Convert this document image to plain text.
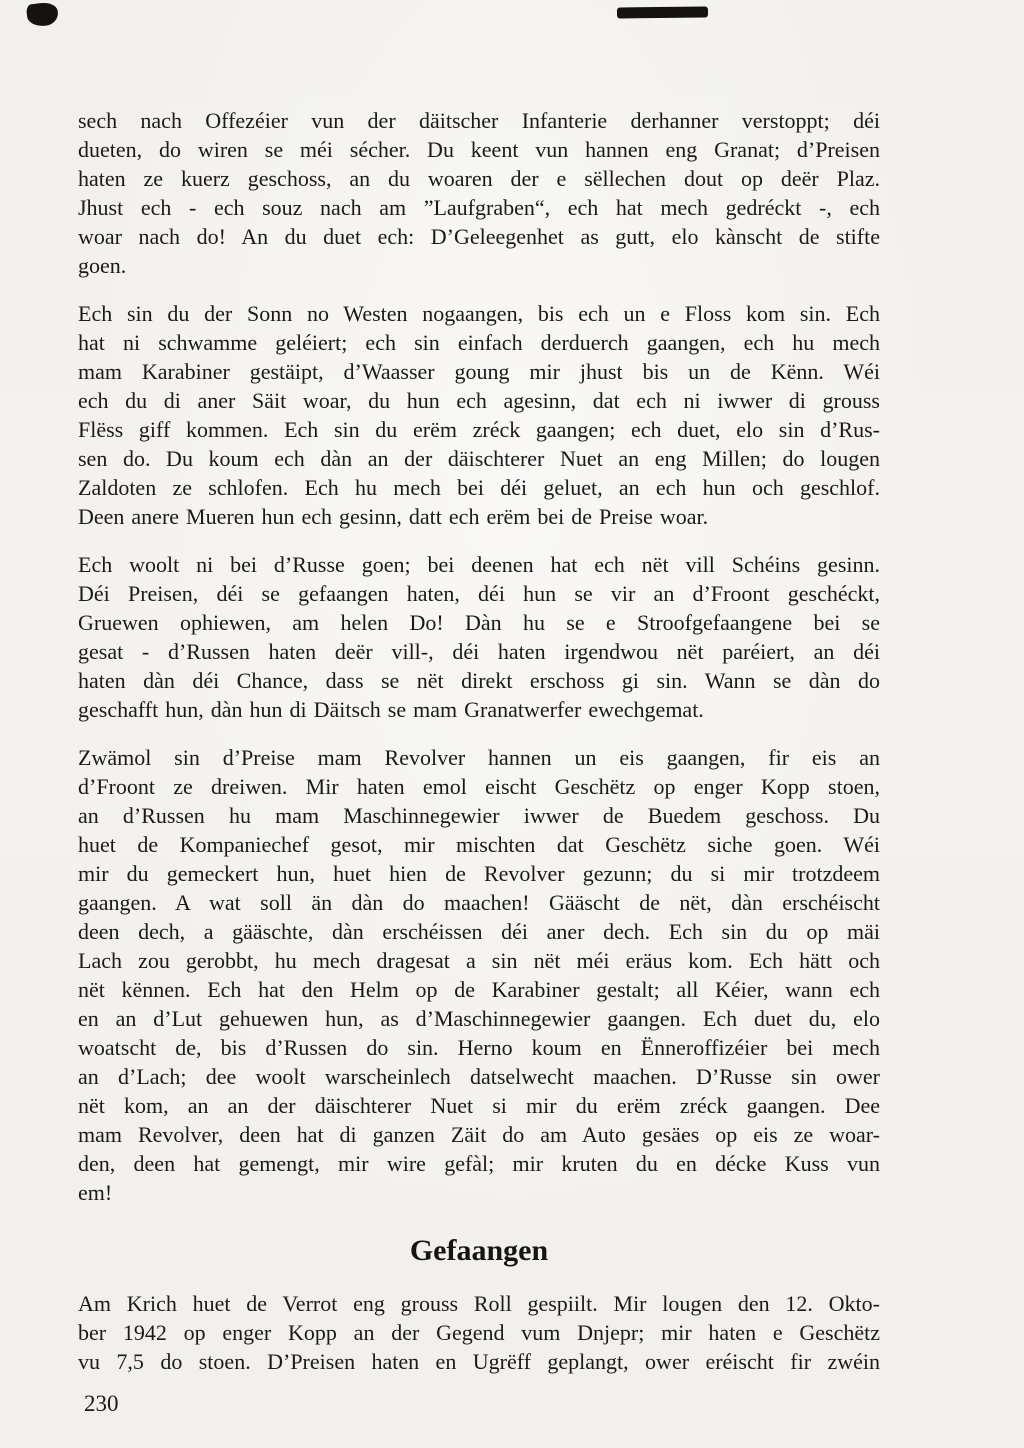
sech nach Offezéier vun der däitscher Infanterie derhanner verstoppt; déi
dueten, do wiren se méi sécher. Du keent vun hannen eng Granat; d’Preisen
haten ze kuerz geschoss, an du woaren der e sëllechen dout op deër Plaz.
Jhust ech - ech souz nach am ”Laufgraben“, ech hat mech gedréckt -, ech
woar nach do! An du duet ech: D’Geleegenhet as gutt, elo kànscht de stifte
goen.
Ech sin du der Sonn no Westen nogaangen, bis ech un e Floss kom sin. Ech
hat ni schwamme geléiert; ech sin einfach derduerch gaangen, ech hu mech
mam Karabiner gestäipt, d’Waasser goung mir jhust bis un de Kënn. Wéi
ech du di aner Säit woar, du hun ech agesinn, dat ech ni iwwer di grouss
Flëss giff kommen. Ech sin du erëm zréck gaangen; ech duet, elo sin d’Rus-
sen do. Du koum ech dàn an der däischterer Nuet an eng Millen; do lougen
Zaldoten ze schlofen. Ech hu mech bei déi geluet, an ech hun och geschlof.
Deen anere Mueren hun ech gesinn, datt ech erëm bei de Preise woar.
Ech woolt ni bei d’Russe goen; bei deenen hat ech nët vill Schéins gesinn.
Déi Preisen, déi se gefaangen haten, déi hun se vir an d’Froont geschéckt,
Gruewen ophiewen, am helen Do! Dàn hu se e Stroofgefaangene bei se
gesat - d’Russen haten deër vill-, déi haten irgendwou nët paréiert, an déi
haten dàn déi Chance, dass se nët direkt erschoss gi sin. Wann se dàn do
geschafft hun, dàn hun di Däitsch se mam Granatwerfer ewechgemat.
Zwämol sin d’Preise mam Revolver hannen un eis gaangen, fir eis an
d’Froont ze dreiwen. Mir haten emol eischt Geschëtz op enger Kopp stoen,
an d’Russen hu mam Maschinnegewier iwwer de Buedem geschoss. Du
huet de Kompaniechef gesot, mir mischten dat Geschëtz siche goen. Wéi
mir du gemeckert hun, huet hien de Revolver gezunn; du si mir trotzdeem
gaangen. A wat soll än dàn do maachen! Gääscht de nët, dàn erschéischt
deen dech, a gääschte, dàn erschéissen déi aner dech. Ech sin du op mäi
Lach zou gerobbt, hu mech dragesat a sin nët méi eräus kom. Ech hätt och
nët kënnen. Ech hat den Helm op de Karabiner gestalt; all Kéier, wann ech
en an d’Lut gehuewen hun, as d’Maschinnegewier gaangen. Ech duet du, elo
woatscht de, bis d’Russen do sin. Herno koum en Ënneroffizéier bei mech
an d’Lach; dee woolt warscheinlech datselwecht maachen. D’Russe sin ower
nët kom, an an der däischterer Nuet si mir du erëm zréck gaangen. Dee
mam Revolver, deen hat di ganzen Zäit do am Auto gesäes op eis ze woar-
den, deen hat gemengt, mir wire gefàl; mir kruten du en décke Kuss vun
em!
Gefaangen
Am Krich huet de Verrot eng grouss Roll gespiilt. Mir lougen den 12. Okto-
ber 1942 op enger Kopp an der Gegend vum Dnjepr; mir haten e Geschëtz
vu 7,5 do stoen. D’Preisen haten en Ugrëff geplangt, ower eréischt fir zwéin
230
